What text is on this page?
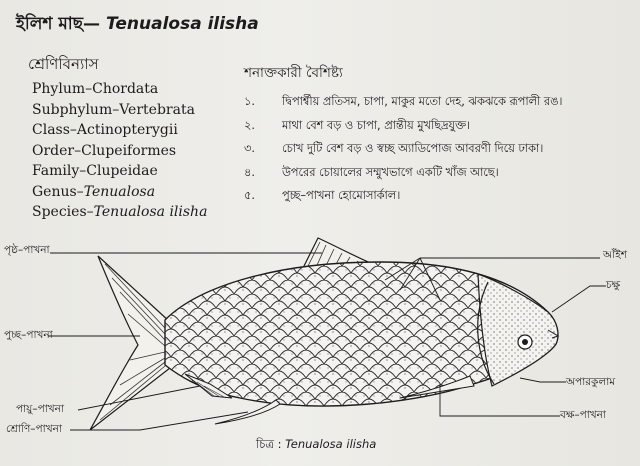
ইলিশ মাছ— Tenualosa ilisha
শ্রেণিবিন্যাস
Phylum–Chordata
Subphylum–Vertebrata
Class–Actinopterygii
Order–Clupeiformes
Family–Clupeidae
Genus–Tenualosa
Species–Tenualosa ilisha
শনাক্তকারী বৈশিষ্ট্য
১.	দ্বিপার্শ্বীয় প্রতিসম, চাপা, মাকুর মতো দেহ, ঝকঝকে রূপালী রঙ।
২.	মাথা বেশ বড় ও চাপা, প্রান্তীয় মুখছিদ্রযুক্ত।
৩.	চোখ দুটি বেশ বড় ও স্বচ্ছ অ্যাডিপোজ আবরণী দিয়ে ঢাকা।
৪.	উপরের চোয়ালের সম্মুখভাগে একটি খাঁজ আছে।
৫.	পুচ্ছ–পাখনা হোমোসার্কাল।
পৃষ্ঠ–পাখনা	আঁইশ
চক্ষু
পুচ্ছ–পাখনা
অপারকুলাম
পায়ু–পাখনা	বক্ষ–পাখনা
শ্রোণি–পাখনা
চিত্র : Tenualosa ilisha
